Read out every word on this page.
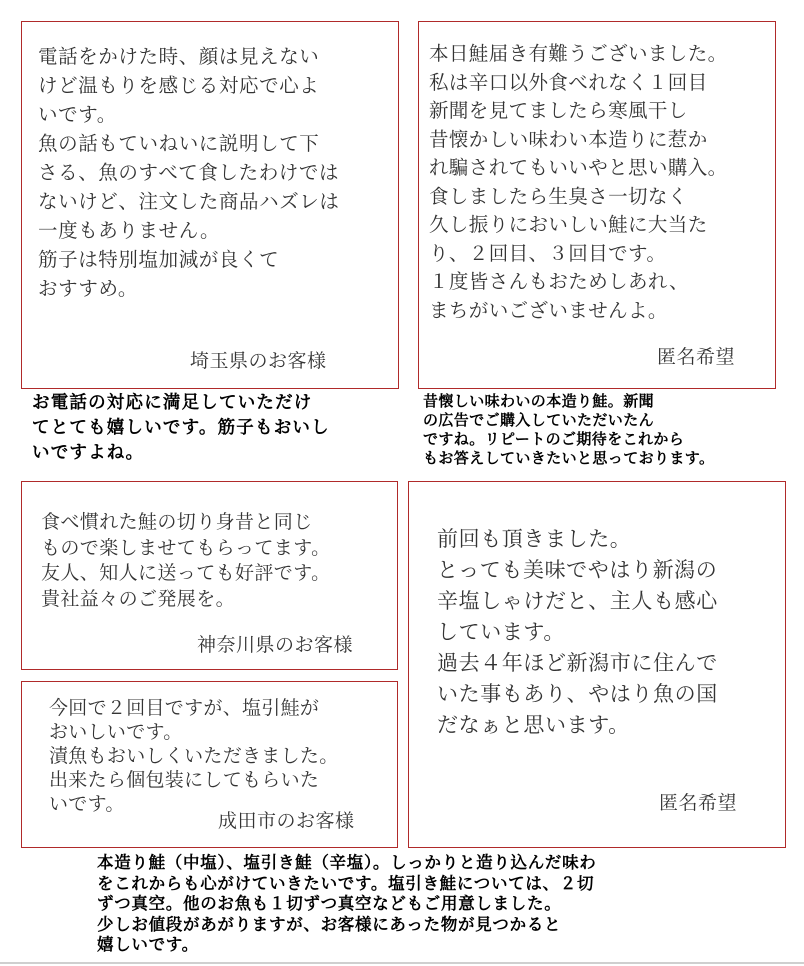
電話をかけた時、顔は見えない
けど温もりを感じる対応で心よ
いです。
魚の話もていねいに説明して下
さる、魚のすべて食したわけでは
ないけど、注文した商品ハズレは
一度もありません。
筋子は特別塩加減が良くて
おすすめ。
埼玉県のお客様
本日鮭届き有難うございました。
私は辛口以外食べれなく１回目
新聞を見てましたら寒風干し
昔懐かしい味わい本造りに惹か
れ騙されてもいいやと思い購入。
食しましたら生臭さ一切なく
久し振りにおいしい鮭に大当た
り、２回目、３回目です。
１度皆さんもおためしあれ、
まちがいございませんよ。
匿名希望
お電話の対応に満足していただけ
てとても嬉しいです。筋子もおいし
いですよね。
昔懐しい味わいの本造り鮭。新聞
の広告でご購入していただいたん
ですね。リピートのご期待をこれから
もお答えしていきたいと思っております。
食べ慣れた鮭の切り身昔と同じ
もので楽しませてもらってます。
友人、知人に送っても好評です。
貴社益々のご発展を。
神奈川県のお客様
今回で２回目ですが、塩引鮭が
おいしいです。
漬魚もおいしくいただきました。
出来たら個包装にしてもらいた
いです。
成田市のお客様
前回も頂きました。
とっても美味でやはり新潟の
辛塩しゃけだと、主人も感心
しています。
過去４年ほど新潟市に住んで
いた事もあり、やはり魚の国
だなぁと思います。
匿名希望
本造り鮭（中塩）、塩引き鮭（辛塩）。しっかりと造り込んだ味わ
をこれからも心がけていきたいです。塩引き鮭については、２切
ずつ真空。他のお魚も１切ずつ真空などもご用意しました。
少しお値段があがりますが、お客様にあった物が見つかると
嬉しいです。
